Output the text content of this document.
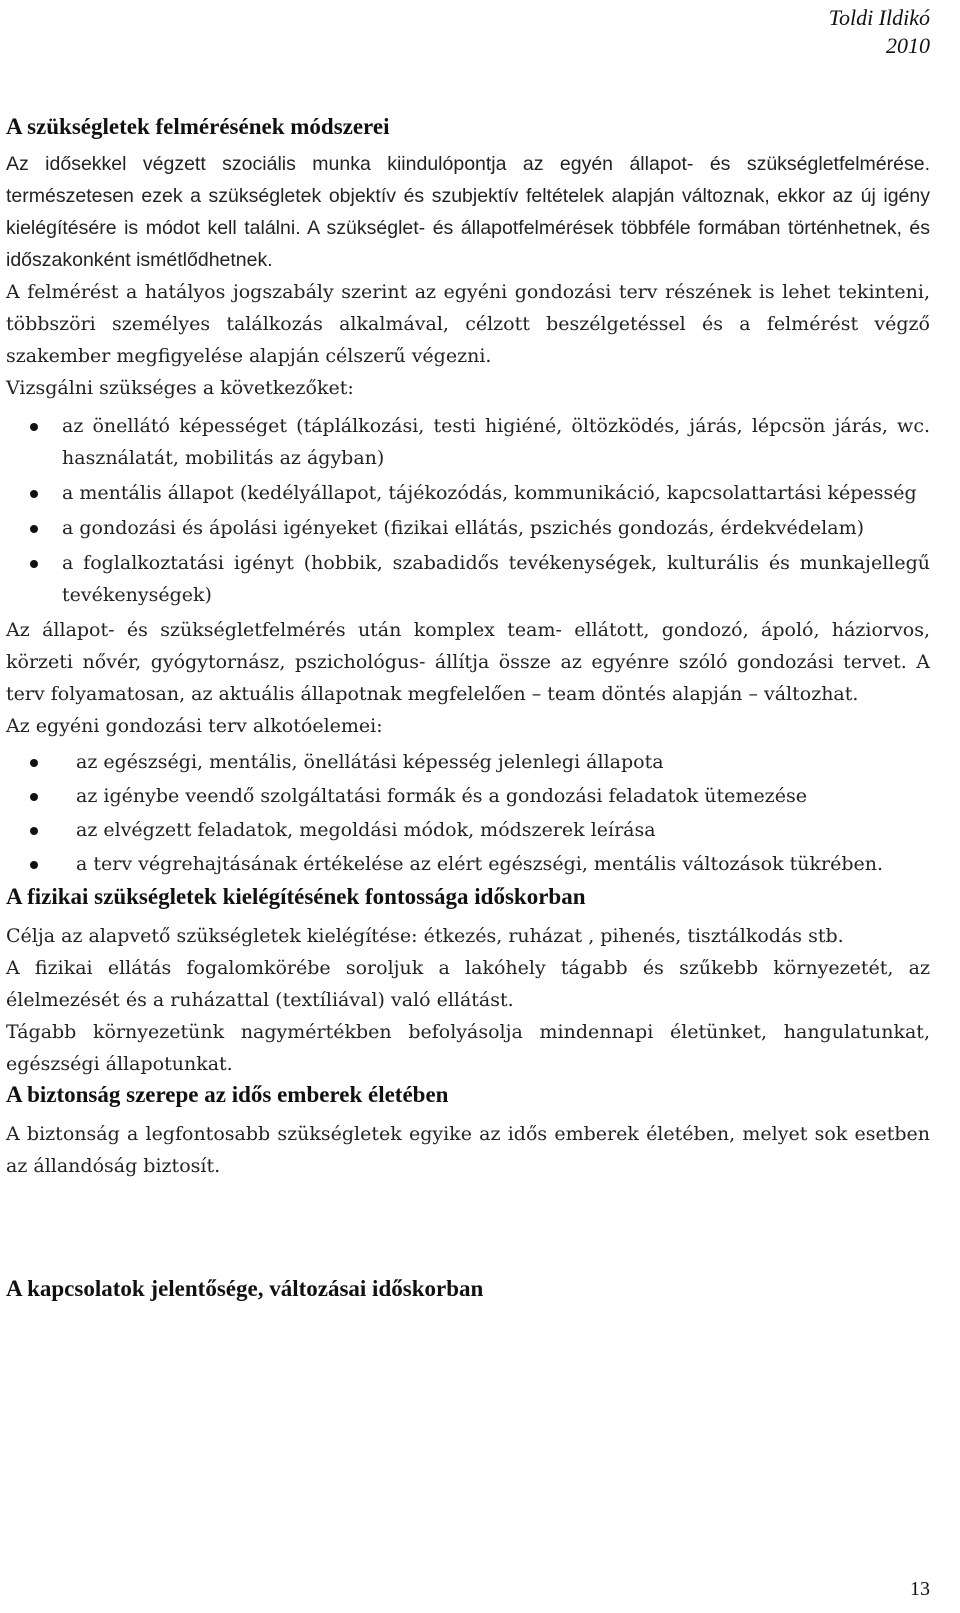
Toldi Ildikó
2010
A szükségletek felmérésének módszerei

Az idősekkel végzett szociális munka kiindulópontja az egyén állapot- és szükségletfelmérése. természetesen ezek a szükségletek objektív és szubjektív feltételek alapján változnak, ekkor az új igény kielégítésére is módot kell találni. A szükséglet- és állapotfelmérések többféle formában történhetnek, és időszakonként ismétlődhetnek.

A felmérést a hatályos jogszabály szerint az egyéni gondozási terv részének is lehet tekinteni, többszöri személyes találkozás alkalmával, célzott beszélgetéssel és a felmérést végző szakember megfigyelése alapján célszerű végezni.

Vizsgálni szükséges a következőket:

az önellátó képességet (táplálkozási, testi higiéné, öltözködés, járás, lépcsön járás, wc. használatát, mobilitás az ágyban)
a mentális állapot (kedélyállapot, tájékozódás, kommunikáció, kapcsolattartási képesség
a gondozási és ápolási igényeket (fizikai ellátás, pszichés gondozás, érdekvédelam)
a foglalkoztatási igényt (hobbik, szabadidős tevékenységek, kulturális és munkajellegű tevékenységek)

Az állapot- és szükségletfelmérés után komplex team- ellátott, gondozó, ápoló, háziorvos, körzeti nővér, gyógytornász, pszichológus- állítja össze az egyénre szóló gondozási tervet. A terv folyamatosan, az aktuális állapotnak megfelelően – team döntés alapján – változhat.

Az egyéni gondozási terv alkotóelemei:

az egészségi, mentális, önellátási képesség jelenlegi állapota
az igénybe veendő szolgáltatási formák és a gondozási feladatok ütemezése
az elvégzett feladatok, megoldási módok, módszerek leírása
a terv végrehajtásának értékelése az elért egészségi, mentális változások tükrében.
A fizikai szükségletek kielégítésének fontossága időskorban

Célja az alapvető szükségletek kielégítése: étkezés, ruházat , pihenés, tisztálkodás stb.

A fizikai ellátás fogalomkörébe soroljuk a lakóhely tágabb és szűkebb környezetét, az élelmezését és a ruházattal (textíliával) való ellátást.

Tágabb környezetünk nagymértékben befolyásolja mindennapi életünket, hangulatunkat, egészségi állapotunkat.

A biztonság szerepe az idős emberek életében

A biztonság a legfontosabb szükségletek egyike az idős emberek életében, melyet sok esetben az állandóság biztosít.

A kapcsolatok jelentősége, változásai időskorban
13
